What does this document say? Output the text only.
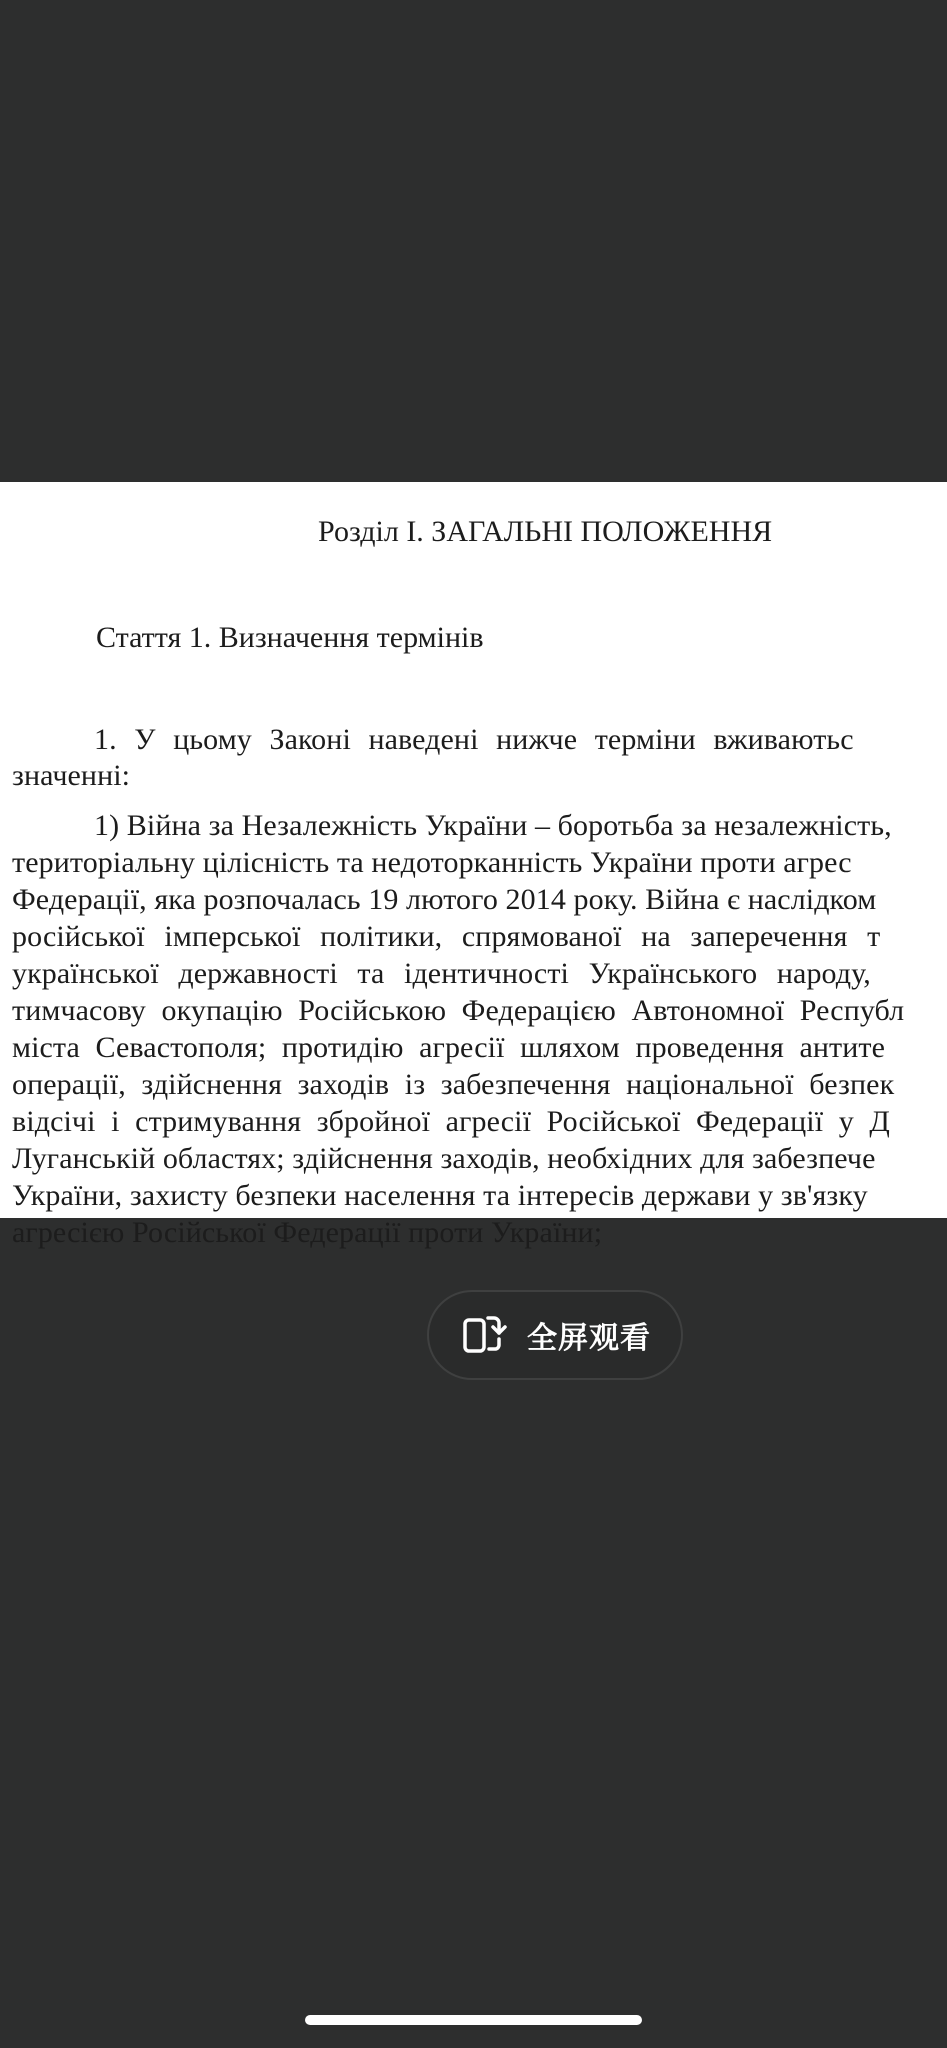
Розділ І. ЗАГАЛЬНІ ПОЛОЖЕННЯ
Стаття 1. Визначення термінів
1. У цьому Законі наведені нижче терміни вживаютьс
значенні:
1) Війна за Незалежність України – боротьба за незалежність,
територіальну цілісність та недоторканність України проти агрес
Федерації, яка розпочалась 19 лютого 2014 року. Війна є наслідком
російської імперської політики, спрямованої на заперечення т
української державності та ідентичності Українського народу,
тимчасову окупацію Російською Федерацією Автономної Республ
міста Севастополя; протидію агресії шляхом проведення антите
операції, здійснення заходів із забезпечення національної безпек
відсічі і стримування збройної агресії Російської Федерації у Д
Луганській областях; здійснення заходів, необхідних для забезпече
України, захисту безпеки населення та інтересів держави у зв'язку
агресією Російської Федерації проти України;
全屏观看
